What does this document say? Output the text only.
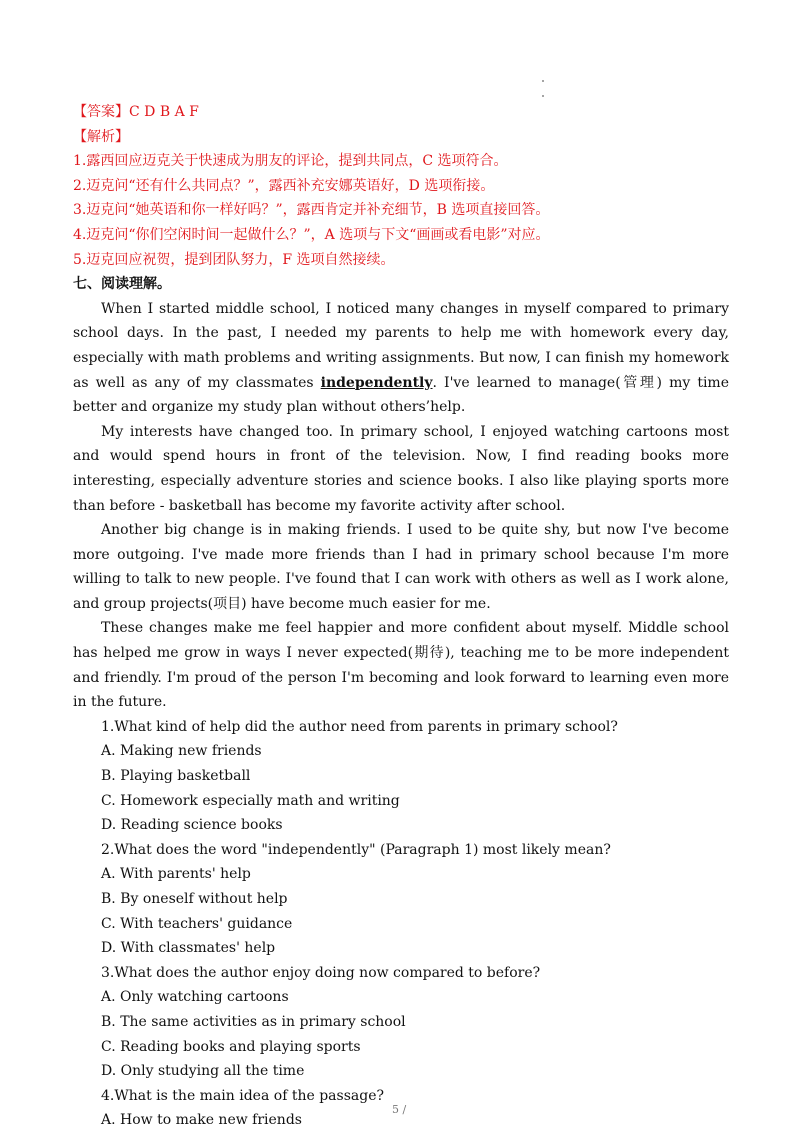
【答案】C D B A F

【解析】

1.露西回应迈克关于快速成为朋友的评论，提到共同点，C 选项符合。

2.迈克问“还有什么共同点？”，露西补充安娜英语好，D 选项衔接。

3.迈克问“她英语和你一样好吗？”，露西肯定并补充细节，B 选项直接回答。

4.迈克问“你们空闲时间一起做什么？”，A 选项与下文“画画或看电影”对应。

5.迈克回应祝贺，提到团队努力，F 选项自然接续。

七、阅读理解。

When I started middle school, I noticed many changes in myself compared to primary school days. In the past, I needed my parents to help me with homework every day, especially with math problems and writing assignments. But now, I can finish my homework as well as any of my classmates independently. I've learned to manage(管理) my time better and organize my study plan without others’help.

My interests have changed too. In primary school, I enjoyed watching cartoons most and would spend hours in front of the television. Now, I find reading books more interesting, especially adventure stories and science books. I also like playing sports more than before - basketball has become my favorite activity after school.

Another big change is in making friends. I used to be quite shy, but now I've become more outgoing. I've made more friends than I had in primary school because I'm more willing to talk to new people. I've found that I can work with others as well as I work alone, and group projects(项目) have become much easier for me.

These changes make me feel happier and more confident about myself. Middle school has helped me grow in ways I never expected(期待), teaching me to be more independent and friendly. I'm proud of the person I'm becoming and look forward to learning even more in the future.

1.What kind of help did the author need from parents in primary school?

A. Making new friends

B. Playing basketball

C. Homework especially math and writing

D. Reading science books

2.What does the word "independently" (Paragraph 1) most likely mean?

A. With parents' help

B. By oneself without help

C. With teachers' guidance

D. With classmates' help

3.What does the author enjoy doing now compared to before?

A. Only watching cartoons

B. The same activities as in primary school

C. Reading books and playing sports

D. Only studying all the time

4.What is the main idea of the passage?

A. How to make new friends

5 /
